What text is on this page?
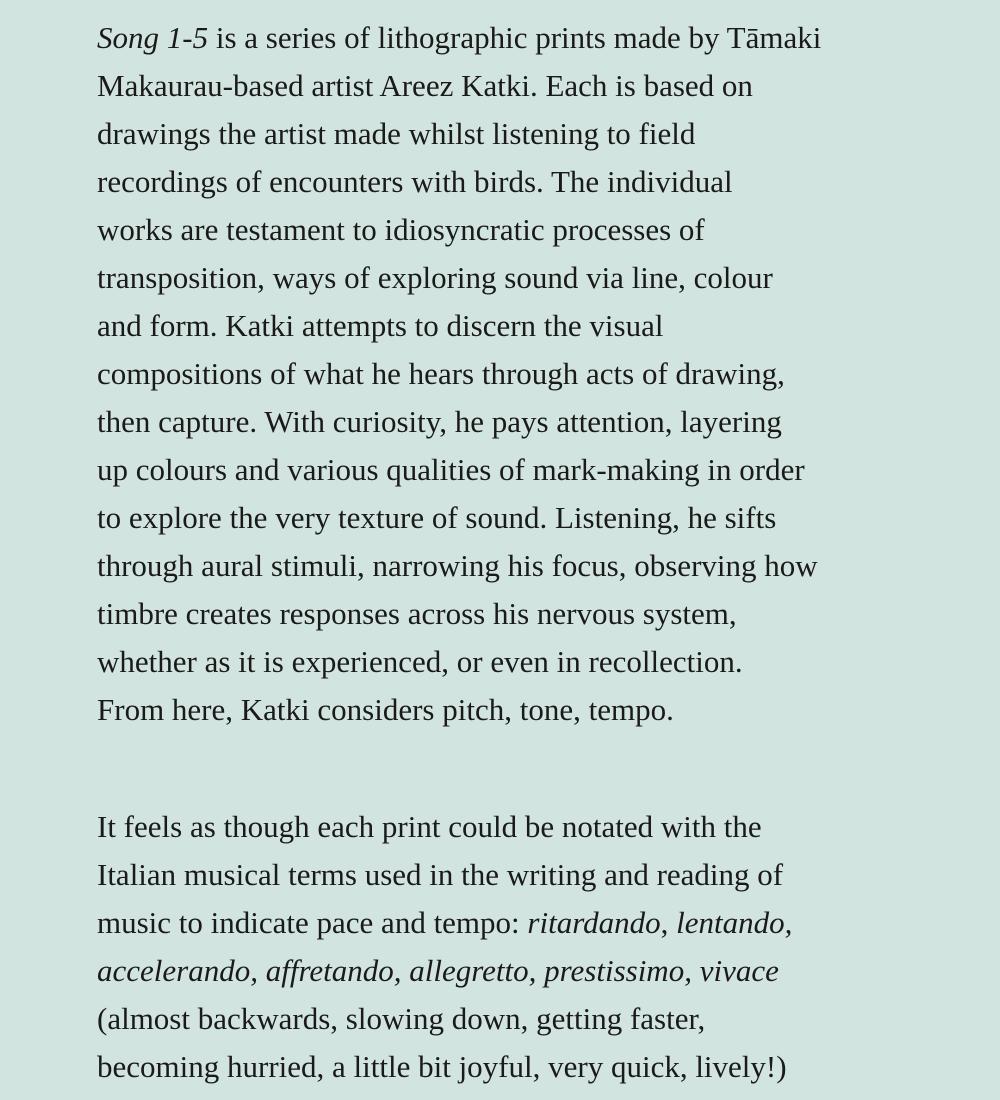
Song 1-5 is a series of lithographic prints made by Tāmaki
Makaurau-based artist Areez Katki. Each is based on
drawings the artist made whilst listening to field
recordings of encounters with birds. The individual
works are testament to idiosyncratic processes of
transposition, ways of exploring sound via line, colour
and form. Katki attempts to discern the visual
compositions of what he hears through acts of drawing,
then capture. With curiosity, he pays attention, layering
up colours and various qualities of mark-making in order
to explore the very texture of sound. Listening, he sifts
through aural stimuli, narrowing his focus, observing how
timbre creates responses across his nervous system,
whether as it is experienced, or even in recollection.
From here, Katki considers pitch, tone, tempo.
It feels as though each print could be notated with the
Italian musical terms used in the writing and reading of
music to indicate pace and tempo: ritardando, lentando,
accelerando, affretando, allegretto, prestissimo, vivace
(almost backwards, slowing down, getting faster,
becoming hurried, a little bit joyful, very quick, lively!)
